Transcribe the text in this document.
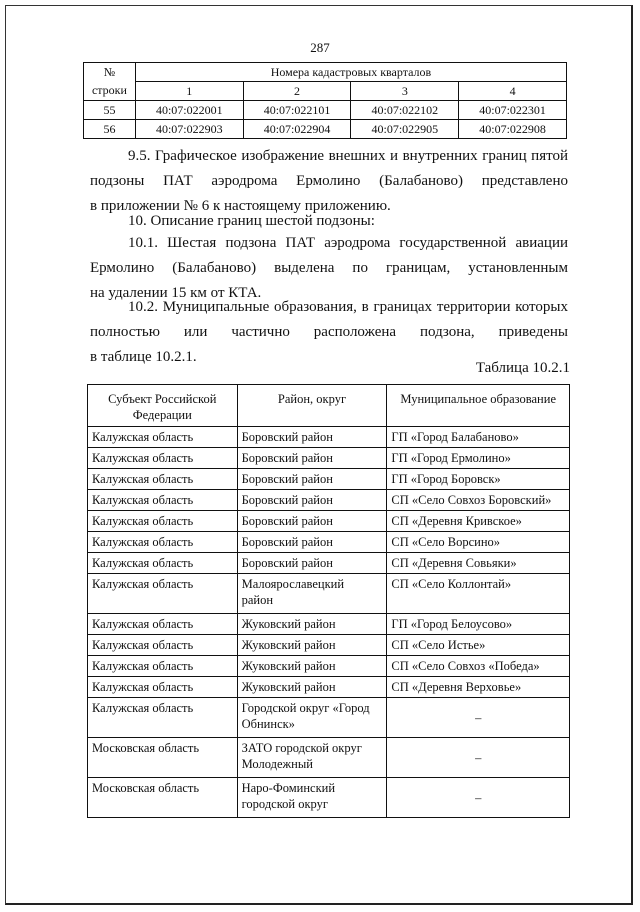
287
№
строки	Номера кадастровых кварталов			
	1	2	3	4
55	40:07:022001	40:07:022101	40:07:022102	40:07:022301
56	40:07:022903	40:07:022904	40:07:022905	40:07:022908
9.5. Графическое изображение внешних и внутренних границ пятой
подзоны ПАТ аэродрома Ермолино (Балабаново) представлено
в приложении № 6 к настоящему приложению.
10. Описание границ шестой подзоны:
10.1. Шестая подзона ПАТ аэродрома государственной авиации
Ермолино (Балабаново) выделена по границам, установленным
на удалении 15 км от КТА.
10.2. Муниципальные образования, в границах территории которых
полностью или частично расположена подзона, приведены
в таблице 10.2.1.
Таблица 10.2.1
Субъект Российской
Федерации	Район, округ	Муниципальное образование
Калужская область	Боровский район	ГП «Город Балабаново»
Калужская область	Боровский район	ГП «Город Ермолино»
Калужская область	Боровский район	ГП «Город Боровск»
Калужская область	Боровский район	СП «Село Совхоз Боровский»
Калужская область	Боровский район	СП «Деревня Кривское»
Калужская область	Боровский район	СП «Село Ворсино»
Калужская область	Боровский район	СП «Деревня Совьяки»
Калужская область	Малоярославецкий
район	СП «Село Коллонтай»
Калужская область	Жуковский район	ГП «Город Белоусово»
Калужская область	Жуковский район	СП «Село Истье»
Калужская область	Жуковский район	СП «Село Совхоз «Победа»
Калужская область	Жуковский район	СП «Деревня Верховье»
Калужская область	Городской округ «Город
Обнинск»	–
Московская область	ЗАТО городской округ
Молодежный	–
Московская область	Наро-Фоминский
городской округ	–
